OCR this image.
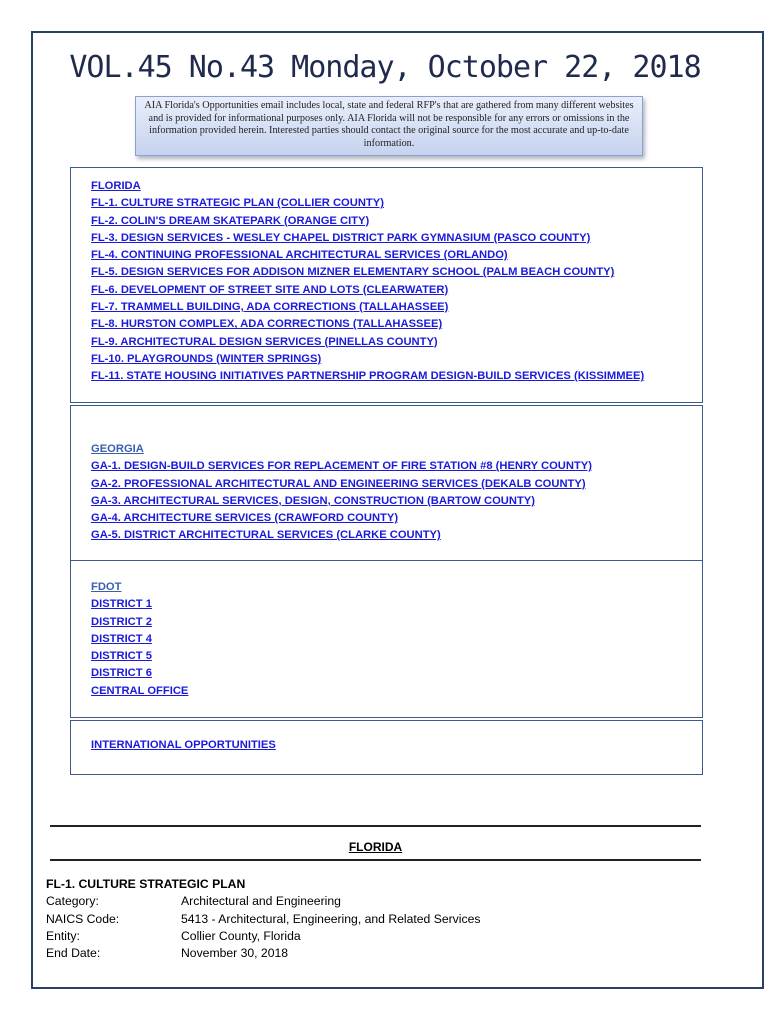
VOL.45 No.43 Monday, October 22, 2018
AIA Florida's Opportunities email includes local, state and federal RFP's that are gathered from many different websites and is provided for informational purposes only. AIA Florida will not be responsible for any errors or omissions in the information provided herein. Interested parties should contact the original source for the most accurate and up-to-date information.
FLORIDA
FL-1. CULTURE STRATEGIC PLAN (COLLIER COUNTY)
FL-2. COLIN'S DREAM SKATEPARK (ORANGE CITY)
FL-3. DESIGN SERVICES - WESLEY CHAPEL DISTRICT PARK GYMNASIUM (PASCO COUNTY)
FL-4. CONTINUING PROFESSIONAL ARCHITECTURAL SERVICES (ORLANDO)
FL-5. DESIGN SERVICES FOR ADDISON MIZNER ELEMENTARY SCHOOL (PALM BEACH COUNTY)
FL-6. DEVELOPMENT OF STREET SITE AND LOTS (CLEARWATER)
FL-7. TRAMMELL BUILDING, ADA CORRECTIONS (TALLAHASSEE)
FL-8. HURSTON COMPLEX, ADA CORRECTIONS (TALLAHASSEE)
FL-9. ARCHITECTURAL DESIGN SERVICES (PINELLAS COUNTY)
FL-10. PLAYGROUNDS (WINTER SPRINGS)
FL-11. STATE HOUSING INITIATIVES PARTNERSHIP PROGRAM DESIGN-BUILD SERVICES (KISSIMMEE)
GEORGIA
GA-1. DESIGN-BUILD SERVICES FOR REPLACEMENT OF FIRE STATION #8 (HENRY COUNTY)
GA-2. PROFESSIONAL ARCHITECTURAL AND ENGINEERING SERVICES (DEKALB COUNTY)
GA-3. ARCHITECTURAL SERVICES, DESIGN, CONSTRUCTION (BARTOW COUNTY)
GA-4. ARCHITECTURE SERVICES (CRAWFORD COUNTY)
GA-5. DISTRICT ARCHITECTURAL SERVICES (CLARKE COUNTY)
FDOT
DISTRICT 1
DISTRICT 2
DISTRICT 4
DISTRICT 5
DISTRICT 6
CENTRAL OFFICE
INTERNATIONAL OPPORTUNITIES
FLORIDA
FL-1. CULTURE STRATEGIC PLAN
Category:	Architectural and Engineering
NAICS Code:	5413 - Architectural, Engineering, and Related Services
Entity:	Collier County, Florida
End Date:	November 30, 2018
